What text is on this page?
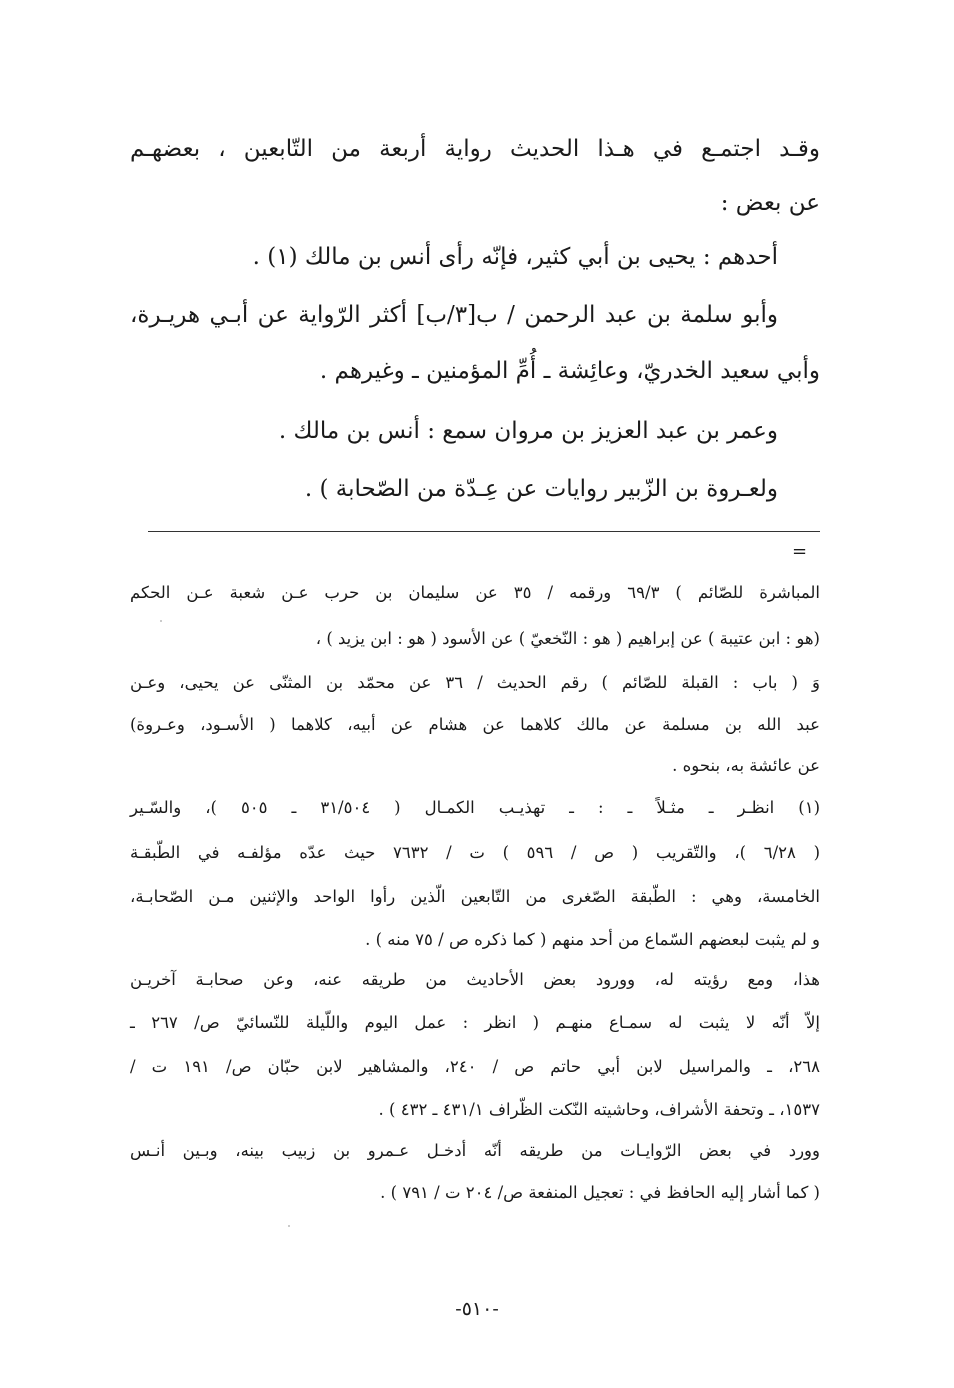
وقـد اجتمـع في هـذا الحديث رواية أربعة من التّابعين ، بعضهـم
عن بعض :
أحدهم : يحيى بن أبي كثير، فإنّه رأى أنس بن مالك (١) .
وأبو سلمة بن عبد الرحمن / ب[٣/ب] أكثر الرّواية عن أبـي هريـرة،
وأبي سعيد الخدريّ، وعائِشة ـ أُمِّ المؤمنين ـ وغيرهم .
وعمر بن عبد العزيز بن مروان سمع : أنس بن مالك .
ولعـروة بن الزّبير روايات عن عِـدّة من الصّحابة ) .
=
المباشرة للصّائم ) ٦٩/٣ ورقمه / ٣٥ عن سليمان بن حرب عـن شعبة عـن الحكم
(هو : ابن عتيبة ) عن إبراهيم ( هو : النّخعيّ ) عن الأسود ( هو : ابن يزيد ) ،
وَ ( باب : القبلة للصّائم ) رقم الحديث / ٣٦ عن محمّد بن المثنّى عن يحيى، وعـن
عبد الله بن مسلمة عن مالك كلاهما عن هشام عن أبيه، كلاهما ( الأسـود، وعـروة)
عن عائشة به، بنحوه .
(١) انظـر ـ مثـلاً ـ : ـ تهذيـب الكمـال ( ٣١/٥٠٤ ـ ٥٠٥ )، والسّـير
( ٦/٢٨ )، والتّقريب ( ص / ٥٩٦ ) ت / ٧٦٣٢ حيث عدّه مؤلفـه في الطّبقـة
الخامسة، وهي : الطّبقة الصّغرى من التّابعين الّذين رأوا الواحد والإثنين مـن الصّحابـة،
و لم يثبت لبعضهم السّماع من أحد منهم ( كما ذكره ص / ٧٥ منه ) .
هذا، ومع رؤيته له، وورود بعض الأحاديث من طريقه عنه، وعن صحابـة آخريـن
إلاّ أنّه لا يثبت له سمـاع منهـم ( انظر : عمل اليوم واللّيلة للنّسائيّ ص/ ٢٦٧ ـ
٢٦٨، ـ والمراسيل لابن أبي حاتم ص / ٢٤٠، والمشاهير لابن حبّان ص/ ١٩١ ت /
١٥٣٧، ـ وتحفة الأشراف، وحاشيته النّكت الظّراف ٤٣١/١ ـ ٤٣٢ ) .
وورد في بعض الرّوايـات من طريقه أنّه أدخـل عـمرو بن زبيب بينه، وبـين أنـس
( كما أشار إليه الحافظ في : تعجيل المنفعة ص/ ٢٠٤ ت / ٧٩١ ) .
-٥١٠-
